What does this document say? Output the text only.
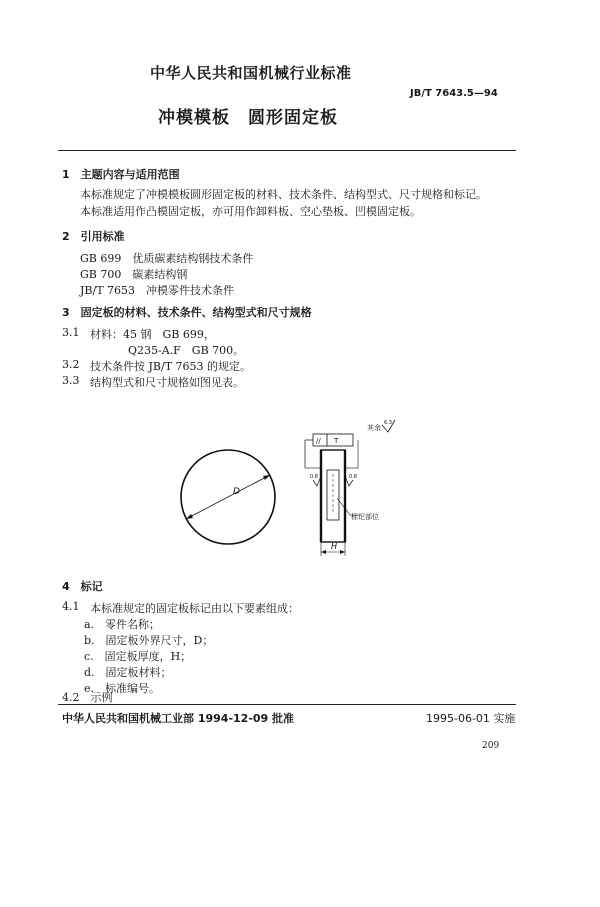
中华人民共和国机械行业标准
JB/T 7643.5—94
冲模模板　圆形固定板
1　主题内容与适用范围
本标准规定了冲模模板圆形固定板的材料、技术条件、结构型式、尺寸规格和标记。
本标准适用作凸模固定板，亦可用作卸料板、空心垫板、凹模固定板。
2　引用标准
GB 699　优质碳素结构钢技术条件
GB 700　碳素结构钢
JB/T 7653　冲模零件技术条件
3　固定板的材料、技术条件、结构型式和尺寸规格
3.1 材料：45 钢　GB 699，
Q235-A.F　GB 700。
3.2 技术条件按 JB/T 7653 的规定。
3.3 结构型式和尺寸规格如图见表。
D
其余
6.3
// T
0.8	0.8
标记部位
H
4　标记
4.1 本标准规定的固定板标记由以下要素组成：
a.　零件名称；
b.　固定板外界尺寸，D；
c.　固定板厚度，H；
d.　固定板材料；
e.　标准编号。
4.2　示例
中华人民共和国机械工业部 1994-12-09 批准	1995-06-01 实施
209
